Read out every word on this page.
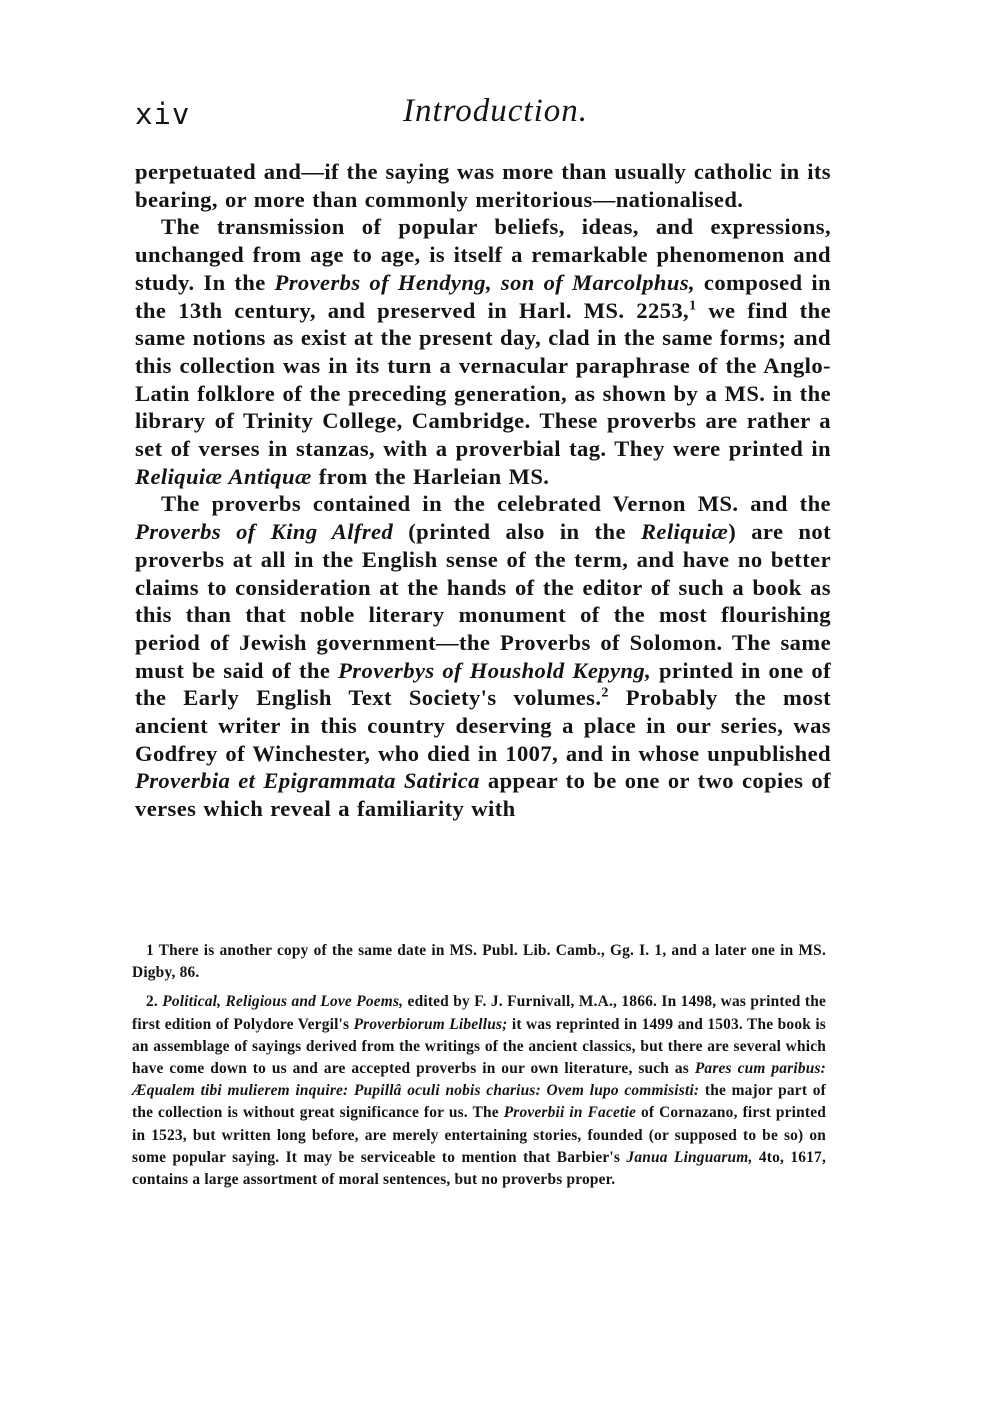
xiv	Introduction.

perpetuated and—if the saying was more than usually catholic in its bearing, or more than commonly meritorious—nationalised.

The transmission of popular beliefs, ideas, and expressions, unchanged from age to age, is itself a remarkable phenomenon and study. In the Proverbs of Hendyng, son of Marcolphus, composed in the 13th century, and preserved in Harl. MS. 2253,$^1$ we find the same notions as exist at the present day, clad in the same forms; and this collection was in its turn a vernacular paraphrase of the Anglo-Latin folklore of the preceding generation, as shown by a MS. in the library of Trinity College, Cambridge. These proverbs are rather a set of verses in stanzas, with a proverbial tag. They were printed in Reliquiæ Antiquæ from the Harleian MS.

The proverbs contained in the celebrated Vernon MS. and the Proverbs of King Alfred (printed also in the Reliquiæ) are not proverbs at all in the English sense of the term, and have no better claims to consideration at the hands of the editor of such a book as this than that noble literary monument of the most flourishing period of Jewish government—the Proverbs of Solomon. The same must be said of the Proverbys of Houshold Kepyng, printed in one of the Early English Text Society's volumes.$^2$ Probably the most ancient writer in this country deserving a place in our series, was Godfrey of Winchester, who died in 1007, and in whose unpublished Proverbia et Epigrammata Satirica appear to be one or two copies of verses which reveal a familiarity with

1 There is another copy of the same date in MS. Publ. Lib. Camb., Gg. I. 1, and a later one in MS. Digby, 86.

2. Political, Religious and Love Poems, edited by F. J. Furnivall, M.A., 1866. In 1498, was printed the first edition of Polydore Vergil's Proverbiorum Libellus; it was reprinted in 1499 and 1503. The book is an assemblage of sayings derived from the writings of the ancient classics, but there are several which have come down to us and are accepted proverbs in our own literature, such as Pares cum paribus: Æqualem tibi mulierem inquire: Pupillâ oculi nobis charius: Ovem lupo commisisti: the major part of the collection is without great significance for us. The Proverbii in Facetie of Cornazano, first printed in 1523, but written long before, are merely entertaining stories, founded (or supposed to be so) on some popular saying. It may be serviceable to mention that Barbier's Janua Linguarum, 4to, 1617, contains a large assortment of moral sentences, but no proverbs proper.
